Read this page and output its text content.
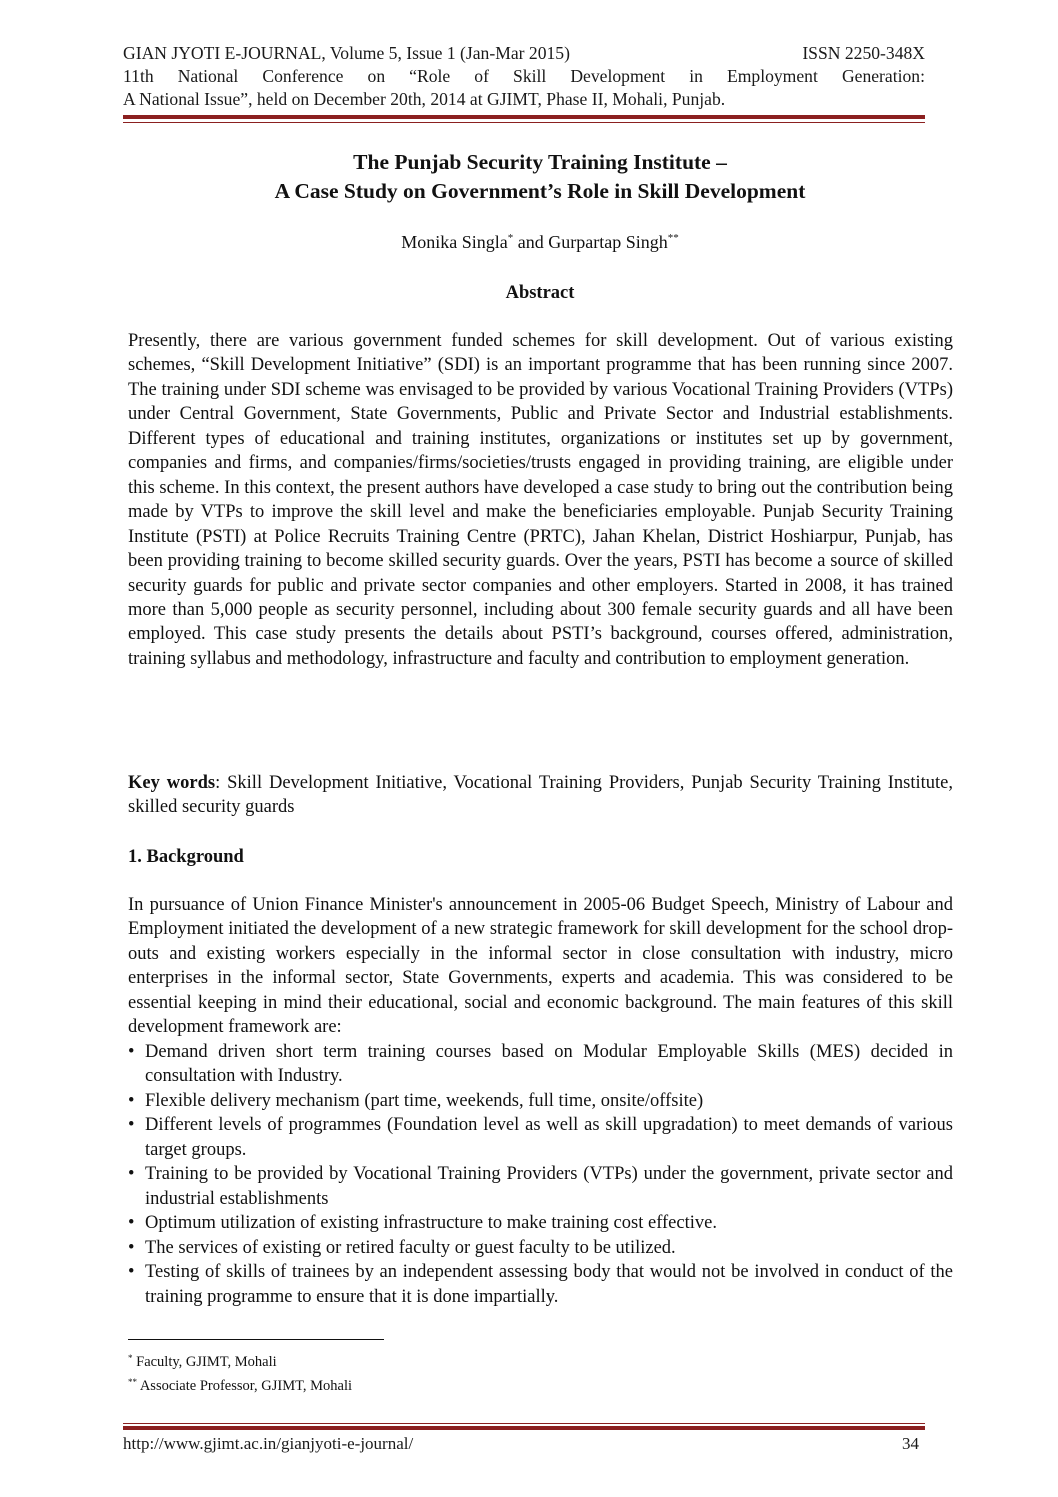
GIAN JYOTI E-JOURNAL, Volume 5, Issue 1 (Jan-Mar 2015)	ISSN 2250-348X
11th National Conference on “Role of Skill Development in Employment Generation:
A National Issue”, held on December 20th, 2014 at GJIMT, Phase II, Mohali, Punjab.
The Punjab Security Training Institute –
A Case Study on Government’s Role in Skill Development
Monika Singla* and Gurpartap Singh**
Abstract
Presently, there are various government funded schemes for skill development. Out of various existing schemes, “Skill Development Initiative” (SDI) is an important programme that has been running since 2007. The training under SDI scheme was envisaged to be provided by various Vocational Training Providers (VTPs) under Central Government, State Governments, Public and Private Sector and Industrial establishments. Different types of educational and training institutes, organizations or institutes set up by government, companies and firms, and companies/firms/societies/trusts engaged in providing training, are eligible under this scheme. In this context, the present authors have developed a case study to bring out the contribution being made by VTPs to improve the skill level and make the beneficiaries employable. Punjab Security Training Institute (PSTI) at Police Recruits Training Centre (PRTC), Jahan Khelan, District Hoshiarpur, Punjab, has been providing training to become skilled security guards. Over the years, PSTI has become a source of skilled security guards for public and private sector companies and other employers. Started in 2008, it has trained more than 5,000 people as security personnel, including about 300 female security guards and all have been employed. This case study presents the details about PSTI’s background, courses offered, administration, training syllabus and methodology, infrastructure and faculty and contribution to employment generation.
Key words: Skill Development Initiative, Vocational Training Providers, Punjab Security Training Institute, skilled security guards
1. Background
In pursuance of Union Finance Minister's announcement in 2005-06 Budget Speech, Ministry of Labour and Employment initiated the development of a new strategic framework for skill development for the school drop-outs and existing workers especially in the informal sector in close consultation with industry, micro enterprises in the informal sector, State Governments, experts and academia. This was considered to be essential keeping in mind their educational, social and economic background. The main features of this skill development framework are:
• Demand driven short term training courses based on Modular Employable Skills (MES) decided in consultation with Industry.
• Flexible delivery mechanism (part time, weekends, full time, onsite/offsite)
• Different levels of programmes (Foundation level as well as skill upgradation) to meet demands of various target groups.
• Training to be provided by Vocational Training Providers (VTPs) under the government, private sector and industrial establishments
• Optimum utilization of existing infrastructure to make training cost effective.
• The services of existing or retired faculty or guest faculty to be utilized.
• Testing of skills of trainees by an independent assessing body that would not be involved in conduct of the training programme to ensure that it is done impartially.
* Faculty, GJIMT, Mohali
** Associate Professor, GJIMT, Mohali
http://www.gjimt.ac.in/gianjyoti-e-journal/	34
